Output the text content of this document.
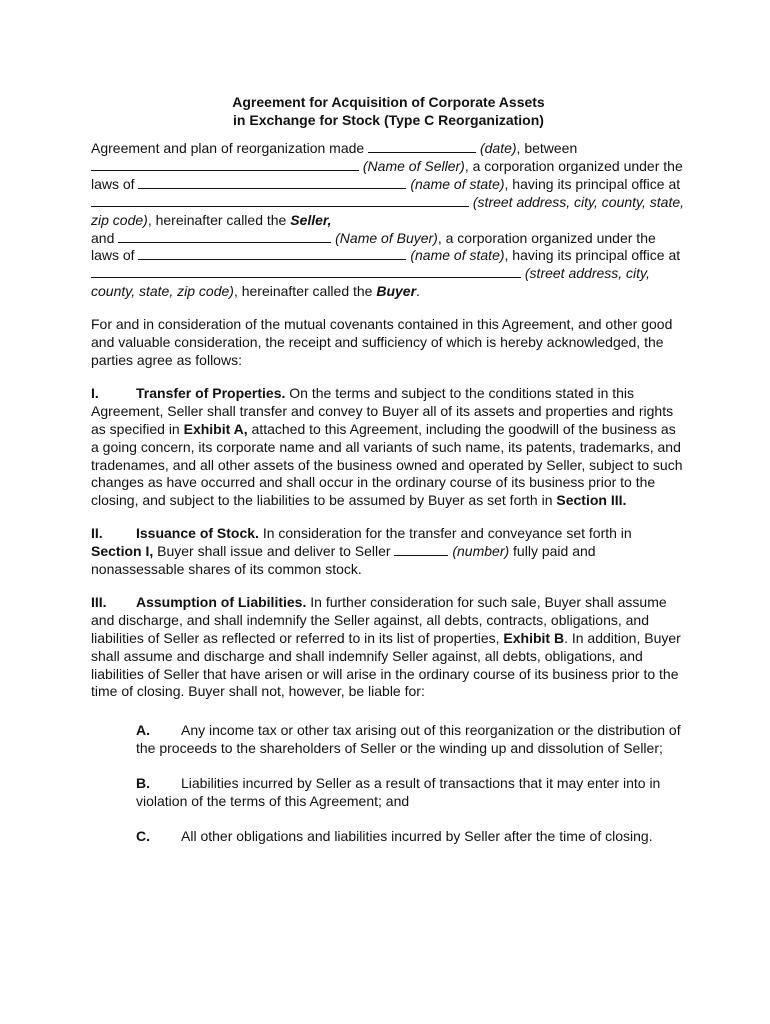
Agreement for Acquisition of Corporate Assets
in Exchange for Stock (Type C Reorganization)

Agreement and plan of reorganization made	(date), between  (Name of Seller), a corporation organized under the laws of	(name of state), having its principal office at  (street address, city, county, state, zip code), hereinafter called the Seller,
and	(Name of Buyer), a corporation organized under the laws of	(name of state), having its principal office at  (street address, city, county, state, zip code), hereinafter called the Buyer.

For and in consideration of the mutual covenants contained in this Agreement, and other good and valuable consideration, the receipt and sufficiency of which is hereby acknowledged, the parties agree as follows:

I.	Transfer of Properties. On the terms and subject to the conditions stated in this Agreement, Seller shall transfer and convey to Buyer all of its assets and properties and rights as specified in Exhibit A, attached to this Agreement, including the goodwill of the business as a going concern, its corporate name and all variants of such name, its patents, trademarks, and tradenames, and all other assets of the business owned and operated by Seller, subject to such changes as have occurred and shall occur in the ordinary course of its business prior to the closing, and subject to the liabilities to be assumed by Buyer as set forth in Section III.

II. Issuance of Stock. In consideration for the transfer and conveyance set forth in Section I, Buyer shall issue and deliver to Seller	(number) fully paid and nonassessable shares of its common stock.

III. Assumption of Liabilities. In further consideration for such sale, Buyer shall assume and discharge, and shall indemnify the Seller against, all debts, contracts, obligations, and liabilities of Seller as reflected or referred to in its list of properties, Exhibit B. In addition, Buyer shall assume and discharge and shall indemnify Seller against, all debts, obligations, and liabilities of Seller that have arisen or will arise in the ordinary course of its business prior to the time of closing. Buyer shall not, however, be liable for:

A. Any income tax or other tax arising out of this reorganization or the distribution of the proceeds to the shareholders of Seller or the winding up and dissolution of Seller;

B. Liabilities incurred by Seller as a result of transactions that it may enter into in violation of the terms of this Agreement; and

C. All other obligations and liabilities incurred by Seller after the time of closing.
